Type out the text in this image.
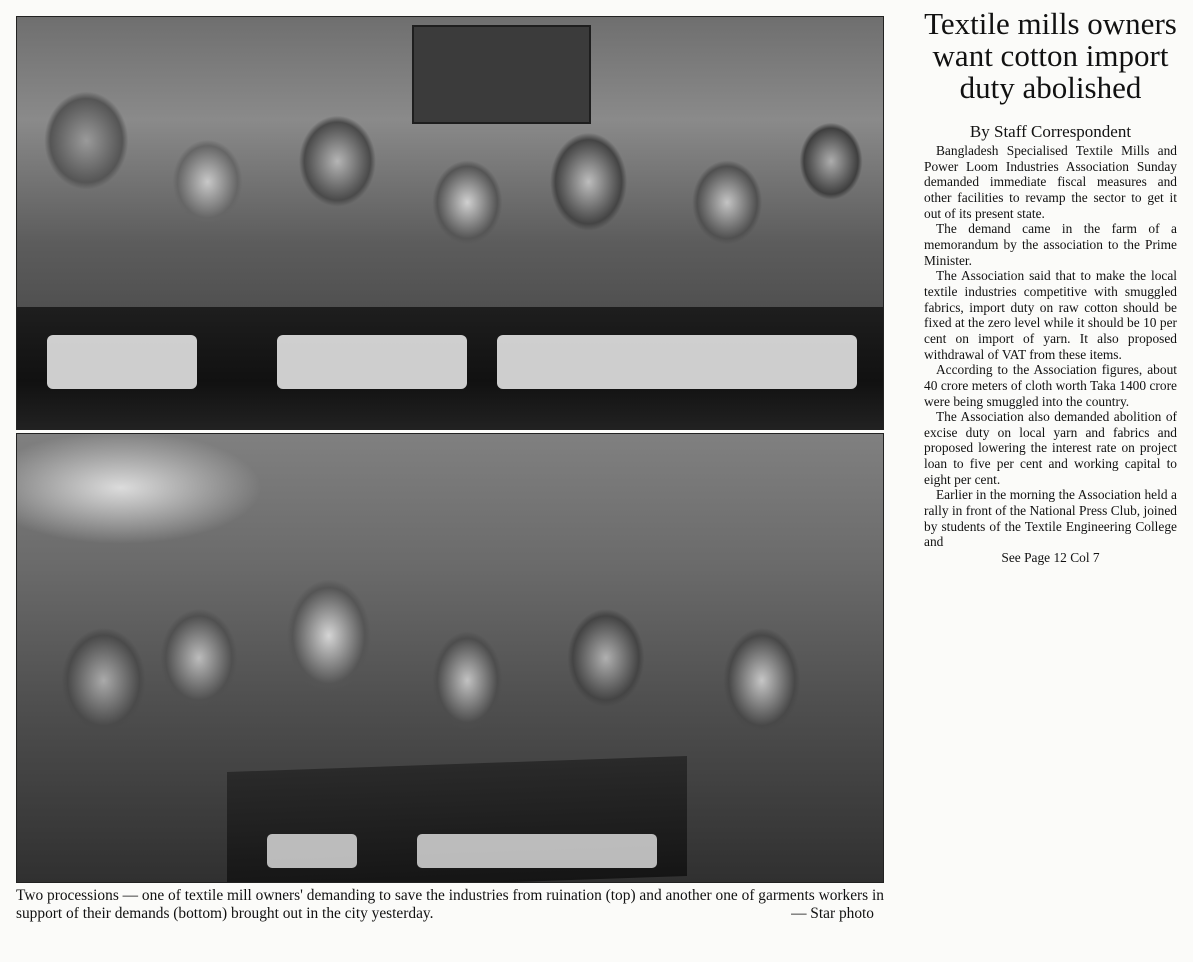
Two processions — one of textile mill owners' demanding to save the industries from ruination (top) and another one of garments workers in support of their demands (bottom) brought out in the city yesterday.	— Star photo
Textile mills owners want cotton import duty abolished
By Staff Correspondent

Bangladesh Specialised Textile Mills and Power Loom Industries Association Sunday demanded immediate fiscal measures and other facilities to revamp the sector to get it out of its present state.

The demand came in the farm of a memorandum by the association to the Prime Minister.

The Association said that to make the local textile industries competitive with smuggled fabrics, import duty on raw cotton should be fixed at the zero level while it should be 10 per cent on import of yarn. It also proposed withdrawal of VAT from these items.

According to the Association figures, about 40 crore meters of cloth worth Taka 1400 crore were being smuggled into the country.

The Association also demanded abolition of excise duty on local yarn and fabrics and proposed lowering the interest rate on project loan to five per cent and working capital to eight per cent.

Earlier in the morning the Association held a rally in front of the National Press Club, joined by students of the Textile Engineering College and

See Page 12 Col 7
